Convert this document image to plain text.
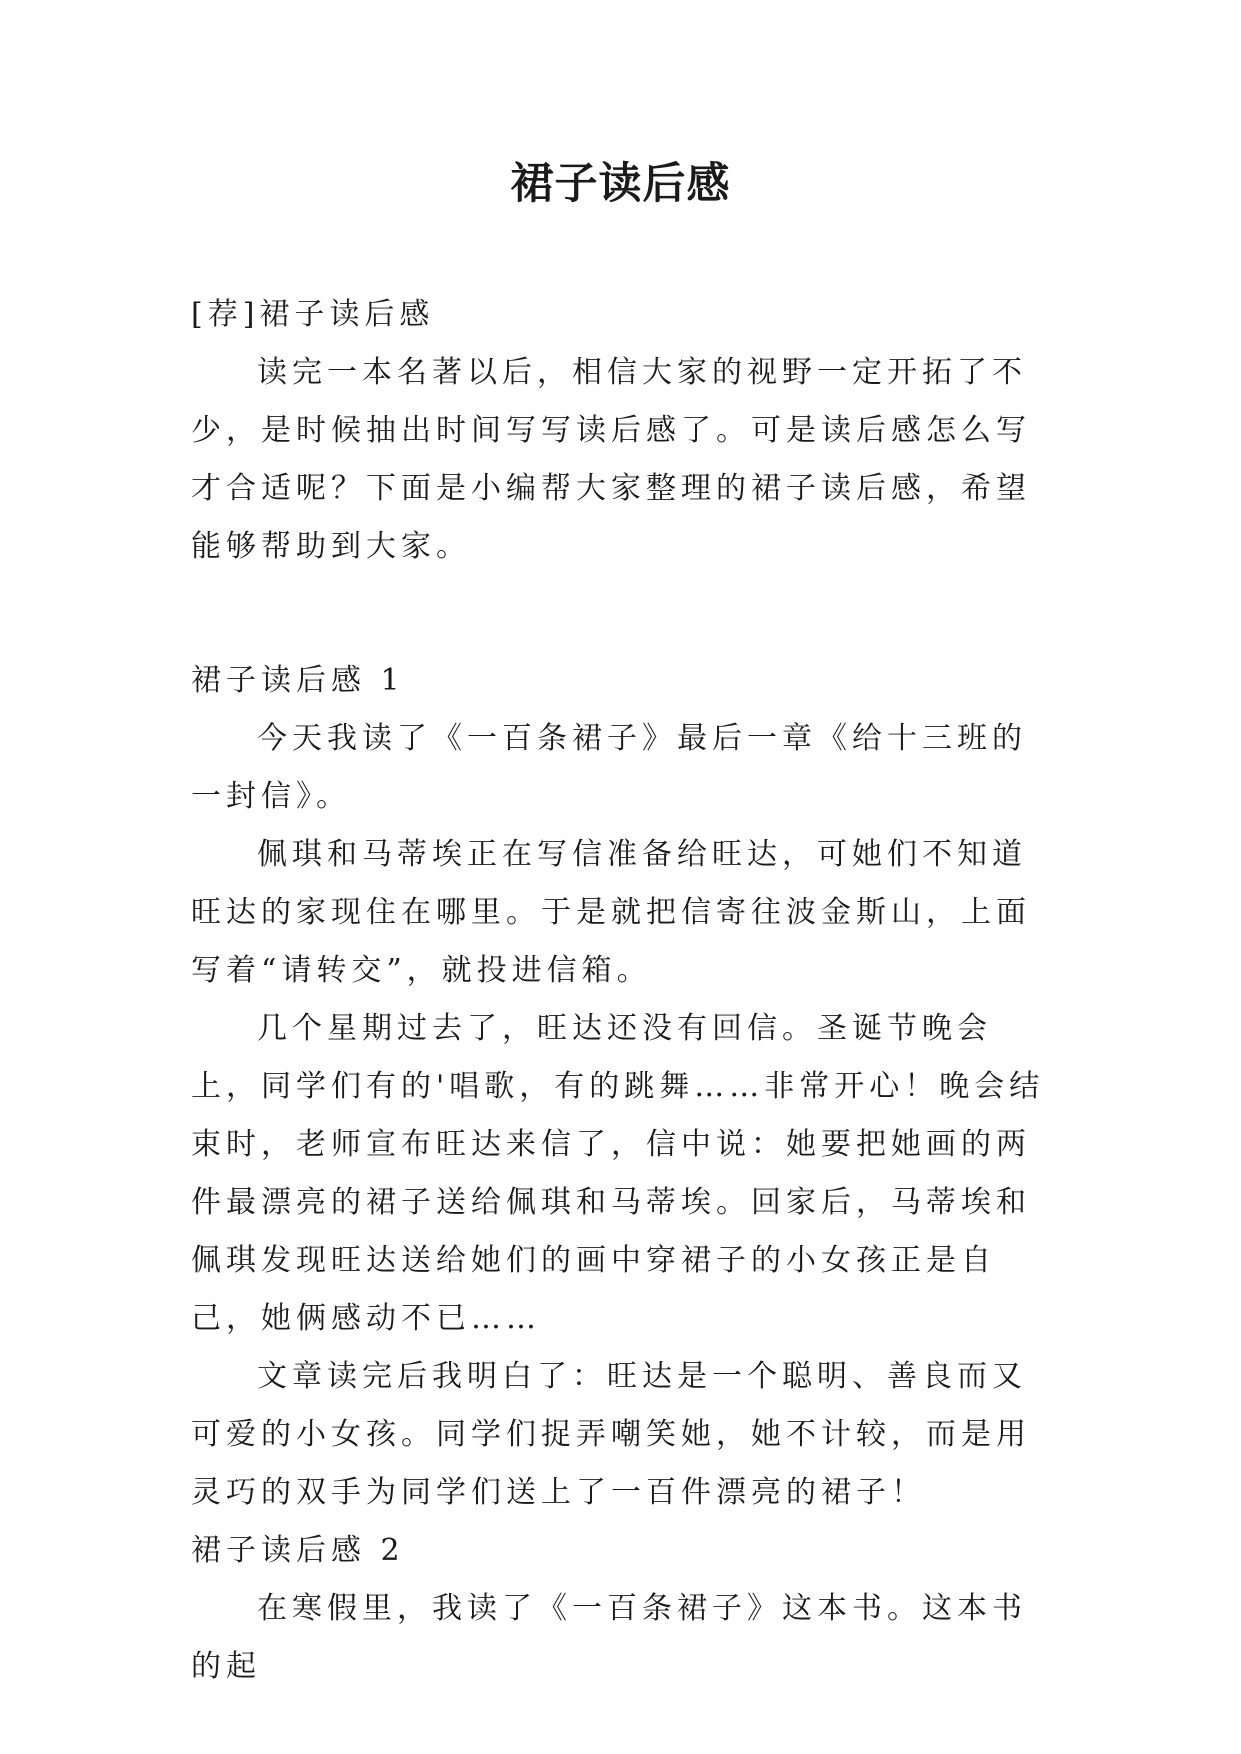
裙子读后感

[荐]裙子读后感

读完一本名著以后，相信大家的视野一定开拓了不少，是时候抽出时间写写读后感了。可是读后感怎么写才合适呢？下面是小编帮大家整理的裙子读后感，希望能够帮助到大家。

裙子读后感 1

今天我读了《一百条裙子》最后一章《给十三班的一封信》。

佩琪和马蒂埃正在写信准备给旺达，可她们不知道旺达的家现住在哪里。于是就把信寄往波金斯山，上面写着“请转交”，就投进信箱。

几个星期过去了，旺达还没有回信。圣诞节晚会上，同学们有的'唱歌，有的跳舞……非常开心！晚会结束时，老师宣布旺达来信了，信中说：她要把她画的两件最漂亮的裙子送给佩琪和马蒂埃。回家后，马蒂埃和佩琪发现旺达送给她们的画中穿裙子的小女孩正是自己，她俩感动不已……

文章读完后我明白了：旺达是一个聪明、善良而又可爱的小女孩。同学们捉弄嘲笑她，她不计较，而是用灵巧的双手为同学们送上了一百件漂亮的裙子！

裙子读后感 2

在寒假里，我读了《一百条裙子》这本书。这本书的起
